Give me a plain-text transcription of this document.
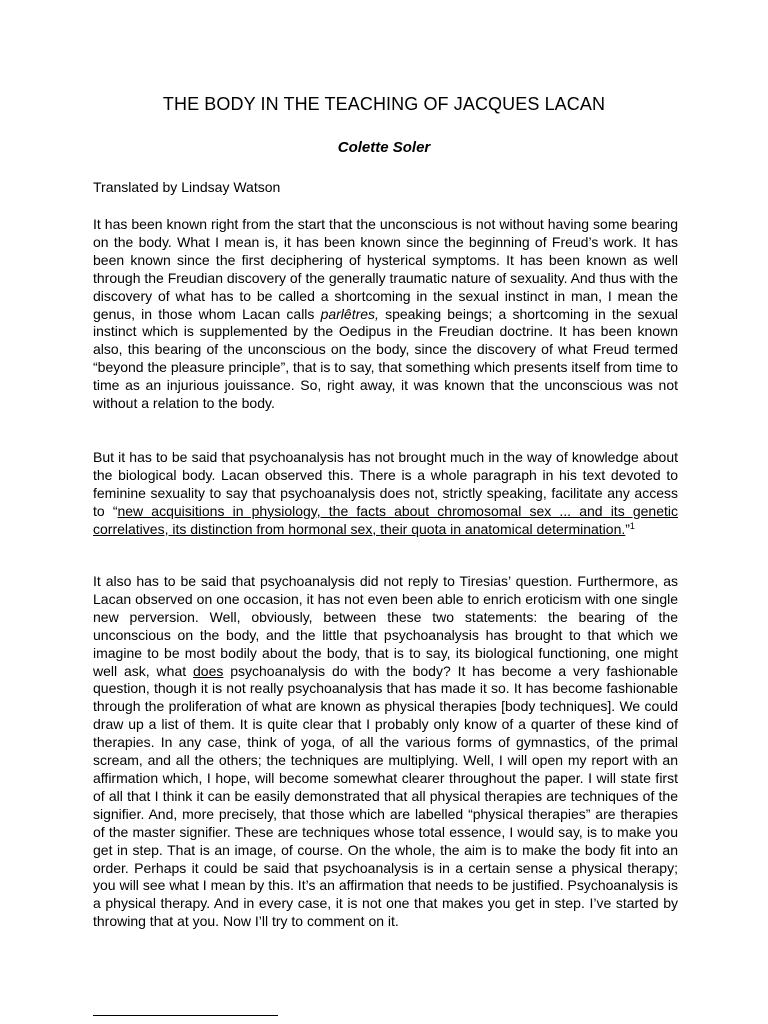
THE BODY IN THE TEACHING OF JACQUES LACAN
Colette Soler
Translated by Lindsay Watson

It has been known right from the start that the unconscious is not without having some bearing on the body. What I mean is, it has been known since the beginning of Freud’s work. It has been known since the first deciphering of hysterical symptoms. It has been known as well through the Freudian discovery of the generally traumatic nature of sexuality. And thus with the discovery of what has to be called a shortcoming in the sexual instinct in man, I mean the genus, in those whom Lacan calls parlêtres, speaking beings; a shortcoming in the sexual instinct which is supplemented by the Oedipus in the Freudian doctrine. It has been known also, this bearing of the unconscious on the body, since the discovery of what Freud termed “beyond the pleasure principle”, that is to say, that something which presents itself from time to time as an injurious jouissance. So, right away, it was known that the unconscious was not without a relation to the body.

But it has to be said that psychoanalysis has not brought much in the way of knowledge about the biological body. Lacan observed this. There is a whole paragraph in his text devoted to feminine sexuality to say that psychoanalysis does not, strictly speaking, facilitate any access to “new acquisitions in physiology, the facts about chromosomal sex ... and its genetic correlatives, its distinction from hormonal sex, their quota in anatomical determination.”$^1$

It also has to be said that psychoanalysis did not reply to Tiresias’ question. Furthermore, as Lacan observed on one occasion, it has not even been able to enrich eroticism with one single new perversion. Well, obviously, between these two statements: the bearing of the unconscious on the body, and the little that psychoanalysis has brought to that which we imagine to be most bodily about the body, that is to say, its biological functioning, one might well ask, what does psychoanalysis do with the body? It has become a very fashionable question, though it is not really psychoanalysis that has made it so. It has become fashionable through the proliferation of what are known as physical therapies [body techniques]. We could draw up a list of them. It is quite clear that I probably only know of a quarter of these kind of therapies. In any case, think of yoga, of all the various forms of gymnastics, of the primal scream, and all the others; the techniques are multiplying. Well, I will open my report with an affirmation which, I hope, will become somewhat clearer throughout the paper. I will state first of all that I think it can be easily demonstrated that all physical therapies are techniques of the signifier. And, more precisely, that those which are labelled “physical therapies” are therapies of the master signifier. These are techniques whose total essence, I would say, is to make you get in step. That is an image, of course. On the whole, the aim is to make the body fit into an order. Perhaps it could be said that psychoanalysis is in a certain sense a physical therapy; you will see what I mean by this. It’s an affirmation that needs to be justified. Psychoanalysis is a physical therapy. And in every case, it is not one that makes you get in step. I’ve started by throwing that at you. Now I’ll try to comment on it.
